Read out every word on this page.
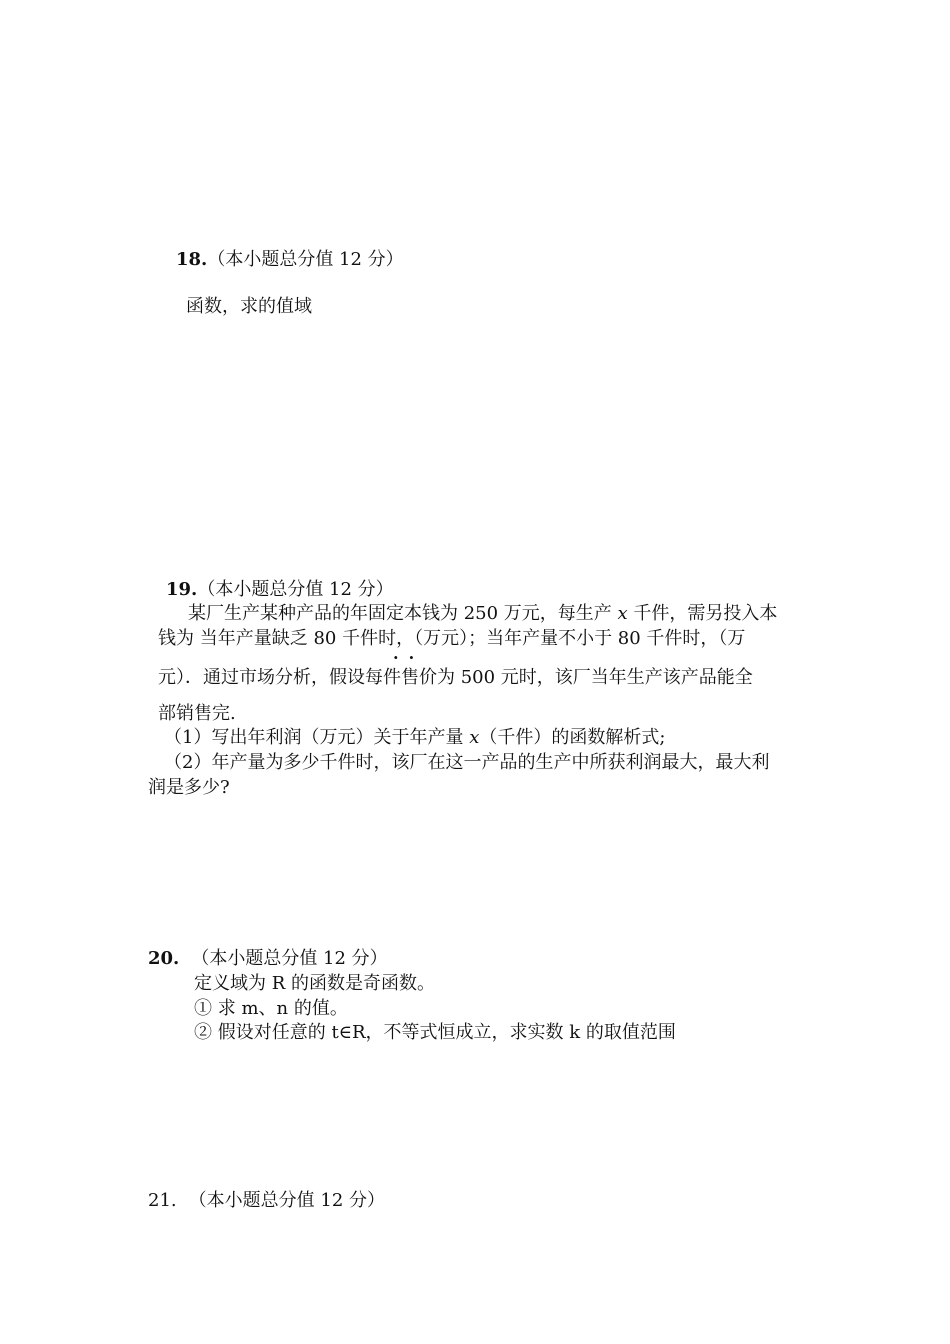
18.（本小题总分值 12 分）
函数，求的值域
19.（本小题总分值 12 分）
某厂生产某种产品的年固定本钱为 250 万元，每生产 x 千件，需另投入本
钱为 当年产量缺乏 80 千件时，（万元）；当年产量不小于 80 千件时，（万
··
元）．通过市场分析，假设每件售价为 500 元时，该厂当年生产该产品能全
部销售完.
（1）写出年利润（万元）关于年产量 x（千件）的函数解析式;
（2）年产量为多少千件时，该厂在这一产品的生产中所获利润最大，最大利
润是多少?
20. （本小题总分值 12 分）
定义域为 R 的函数是奇函数。
① 求 m、n 的值。
② 假设对任意的 t∈R，不等式恒成立，求实数 k 的取值范围
21. （本小题总分值 12 分）
